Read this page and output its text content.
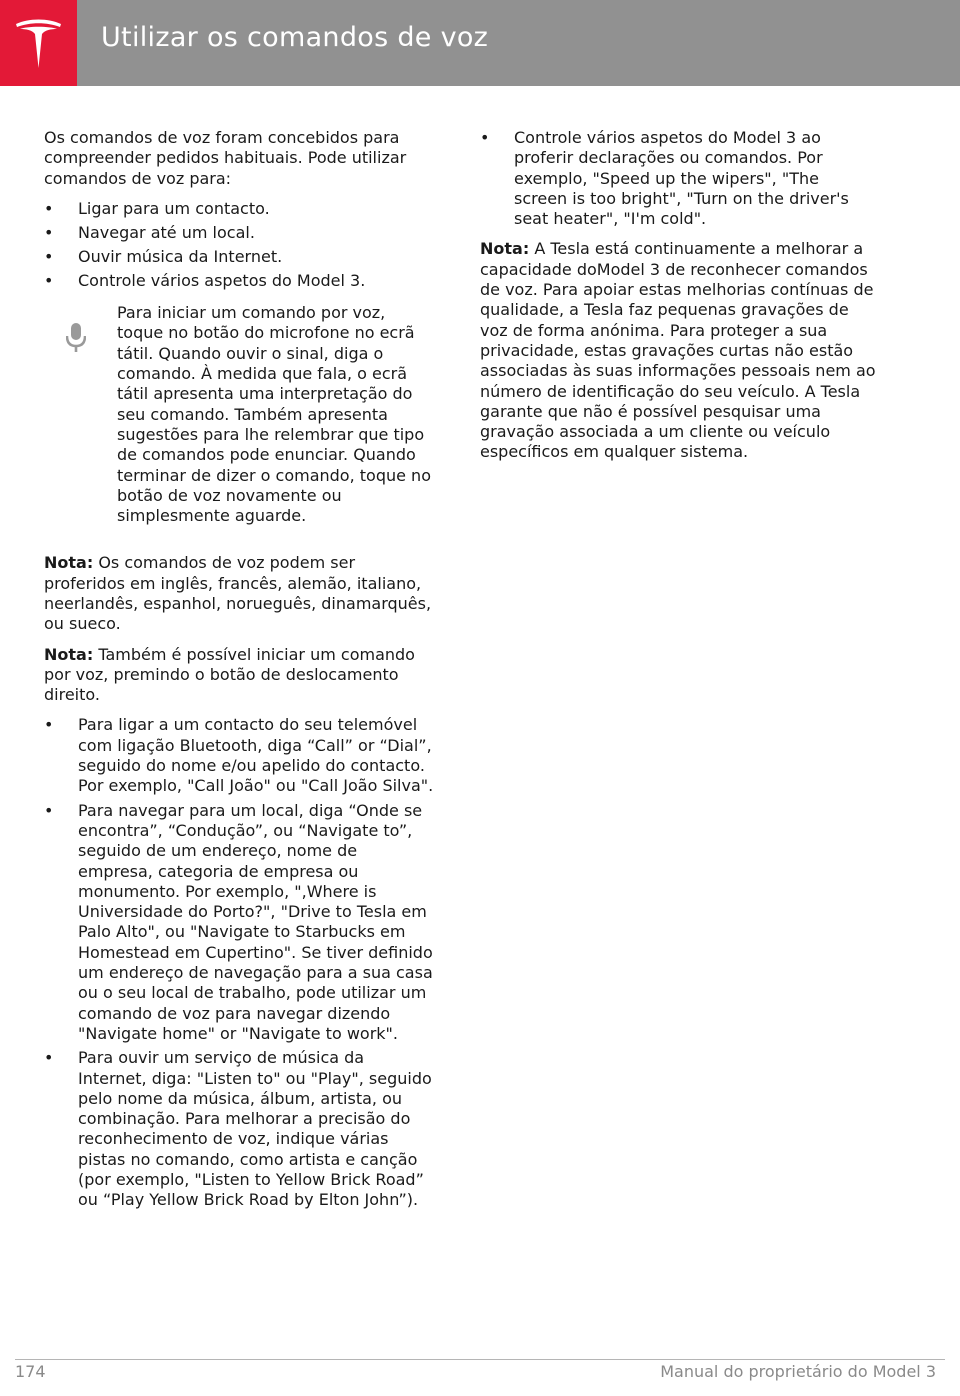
Utilizar os comandos de voz

Os comandos de voz foram concebidos para compreender pedidos habituais. Pode utilizar comandos de voz para:

• Ligar para um contacto.
• Navegar até um local.
• Ouvir música da Internet.
• Controle vários aspetos do Model 3.
Para iniciar um comando por voz, toque no botão do microfone no ecrã tátil. Quando ouvir o sinal, diga o comando. À medida que fala, o ecrã tátil apresenta uma interpretação do seu comando. Também apresenta sugestões para lhe relembrar que tipo de comandos pode enunciar. Quando terminar de dizer o comando, toque no botão de voz novamente ou simplesmente aguarde.

Nota: Os comandos de voz podem ser proferidos em inglês, francês, alemão, italiano, neerlandês, espanhol, norueguês, dinamarquês, ou sueco.

Nota: Também é possível iniciar um comando por voz, premindo o botão de deslocamento direito.

• Para ligar a um contacto do seu telemóvel com ligação Bluetooth, diga “Call” or “Dial”, seguido do nome e/ou apelido do contacto. Por exemplo, "Call João" ou "Call João Silva".
• Para navegar para um local, diga “Onde se encontra”, “Condução”, ou “Navigate to”, seguido de um endereço, nome de empresa, categoria de empresa ou monumento. Por exemplo, ",Where is Universidade do Porto?", "Drive to Tesla em Palo Alto", ou "Navigate to Starbucks em Homestead em Cupertino". Se tiver definido um endereço de navegação para a sua casa ou o seu local de trabalho, pode utilizar um comando de voz para navegar dizendo "Navigate home" or "Navigate to work".
• Para ouvir um serviço de música da Internet, diga: "Listen to" ou "Play", seguido pelo nome da música, álbum, artista, ou combinação. Para melhorar a precisão do reconhecimento de voz, indique várias pistas no comando, como artista e canção (por exemplo, "Listen to Yellow Brick Road” ou “Play Yellow Brick Road by Elton John”).
• Controle vários aspetos do Model 3 ao proferir declarações ou comandos. Por exemplo, "Speed up the wipers", "The screen is too bright", "Turn on the driver's seat heater", "I'm cold".

Nota: A Tesla está continuamente a melhorar a capacidade doModel 3 de reconhecer comandos de voz. Para apoiar estas melhorias contínuas de qualidade, a Tesla faz pequenas gravações de voz de forma anónima. Para proteger a sua privacidade, estas gravações curtas não estão associadas às suas informações pessoais nem ao número de identificação do seu veículo. A Tesla garante que não é possível pesquisar uma gravação associada a um cliente ou veículo específicos em qualquer sistema.

174	Manual do proprietário do Model 3
